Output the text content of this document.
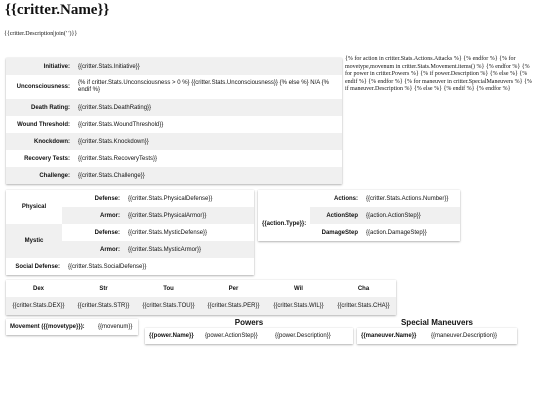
{{critter.Name}}
{{critter.Description|join(' ')}}
Initiative:	{{critter.Stats.Initiative}}
Unconsciousness:	{% if critter.Stats.Unconsciousness > 0 %} {{critter.Stats.Unconsciousness}} {% else %} N/A {% endif %}
Death Rating:	{{critter.Stats.DeathRating}}
Wound Threshold:	{{critter.Stats.WoundThreshold}}
Knockdown:	{{critter.Stats.Knockdown}}
Recovery Tests:	{{critter.Stats.RecoveryTests}}
Challenge:	{{critter.Stats.Challenge}}
{% for action in critter.Stats.Actions.Attacks %} {% endfor %} {% for movetype,movenum in critter.Stats.Movement.items() %} {% endfor %} {% for power in critter.Powers %} {% if power.Description %} {% else %} {% endif %} {% endfor %} {% for maneuver in critter.SpecialManeuvers %} {% if maneuver.Description %} {% else %} {% endif %} {% endfor %}
Physical	Defense:	{{critter.Stats.PhysicalDefense}}
	Armor:	{{critter.Stats.PhysicalArmor}}
Mystic	Defense:	{{critter.Stats.MysticDefense}}
	Armor:	{{critter.Stats.MysticArmor}}
Social Defense:	{{critter.Stats.SocialDefense}}
Actions:		{{critter.Stats.Actions.Number}}
{{action.Type}}:	ActionStep	{{action.ActionStep}}
	DamageStep	{{action.DamageStep}}
Dex	Str	Tou	Per	Wil	Cha
{{critter.Stats.DEX}}	{{critter.Stats.STR}}	{{critter.Stats.TOU}}	{{critter.Stats.PER}}	{{critter.Stats.WIL}}	{{critter.Stats.CHA}}
Movement ({{movetype}}):	{{movenum}}	Powers
{{power.Name}}	{power.ActionStep}}	{{power.Description}}
Special Maneuvers
{{maneuver.Name}}	{{maneuver.Description}}
